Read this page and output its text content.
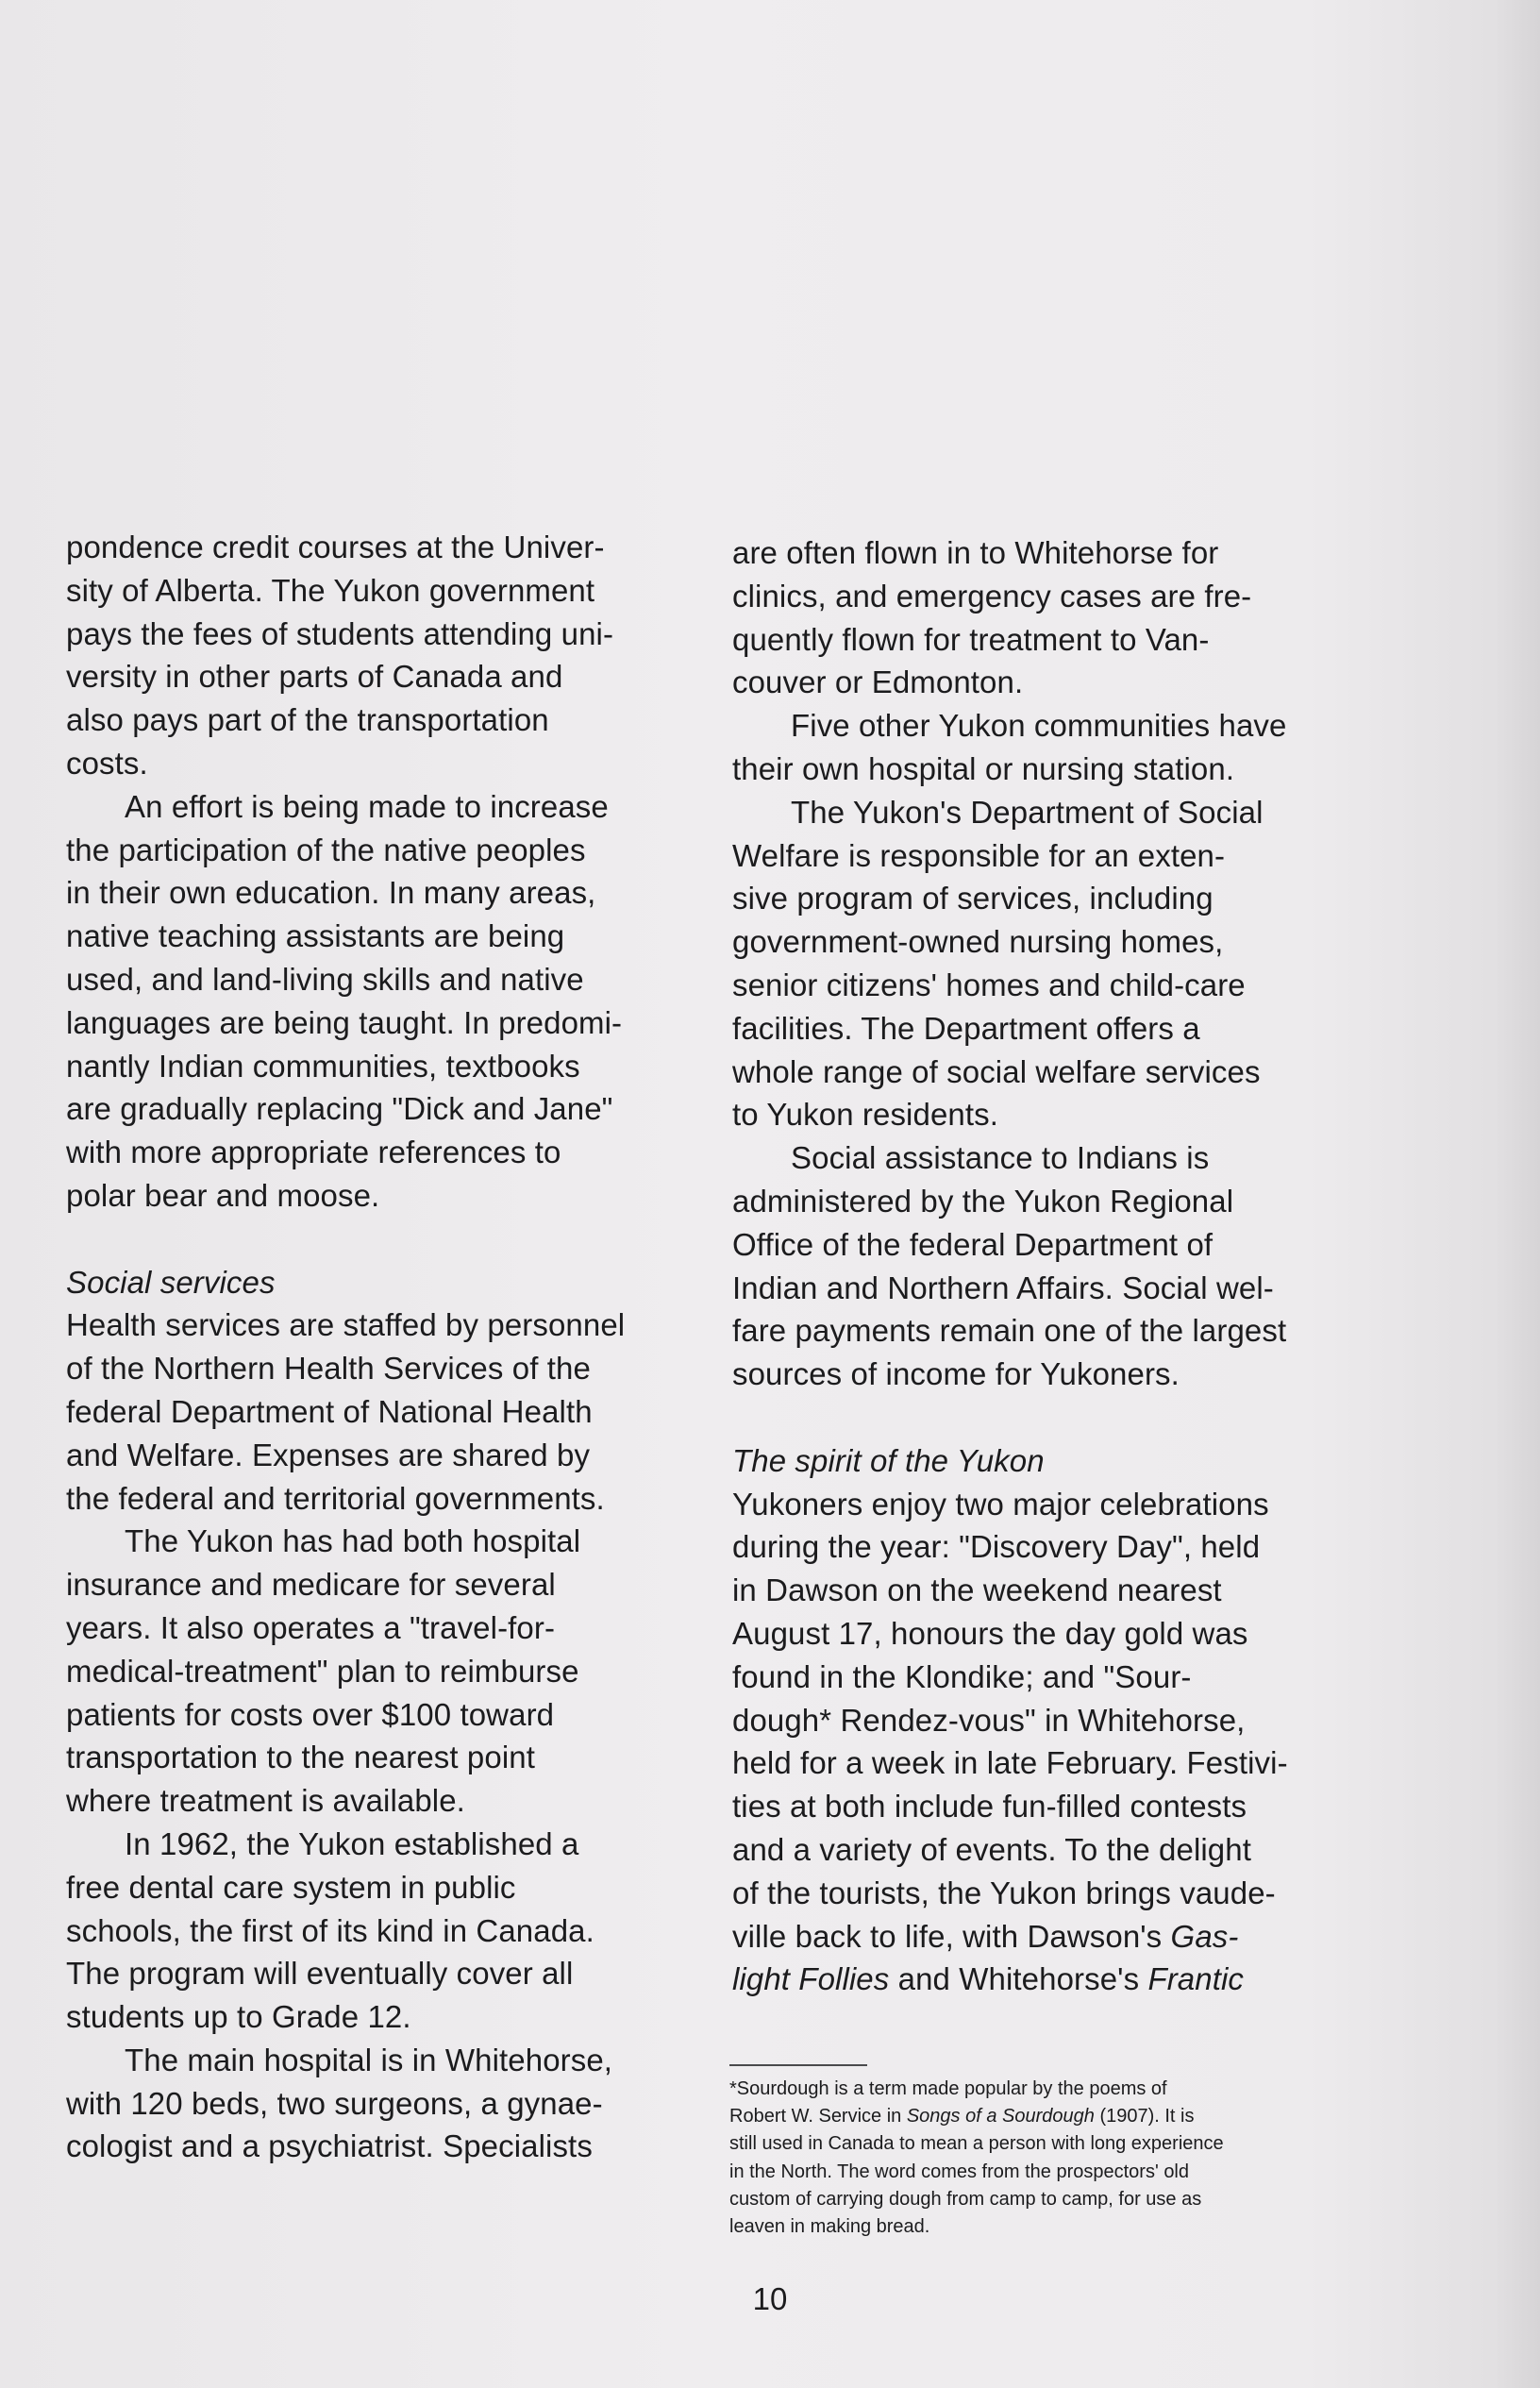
pondence credit courses at the Univer-
sity of Alberta. The Yukon government
pays the fees of students attending uni-
versity in other parts of Canada and
also pays part of the transportation
costs.

An effort is being made to increase
the participation of the native peoples
in their own education. In many areas,
native teaching assistants are being
used, and land-living skills and native
languages are being taught. In predomi-
nantly Indian communities, textbooks
are gradually replacing "Dick and Jane"
with more appropriate references to
polar bear and moose.

Social services

Health services are staffed by personnel
of the Northern Health Services of the
federal Department of National Health
and Welfare. Expenses are shared by
the federal and territorial governments.

The Yukon has had both hospital
insurance and medicare for several
years. It also operates a "travel-for-
medical-treatment" plan to reimburse
patients for costs over $100 toward
transportation to the nearest point
where treatment is available.

In 1962, the Yukon established a
free dental care system in public
schools, the first of its kind in Canada.
The program will eventually cover all
students up to Grade 12.

The main hospital is in Whitehorse,
with 120 beds, two surgeons, a gynae-
cologist and a psychiatrist. Specialists

are often flown in to Whitehorse for
clinics, and emergency cases are fre-
quently flown for treatment to Van-
couver or Edmonton.

Five other Yukon communities have
their own hospital or nursing station.

The Yukon's Department of Social
Welfare is responsible for an exten-
sive program of services, including
government-owned nursing homes,
senior citizens' homes and child-care
facilities. The Department offers a
whole range of social welfare services
to Yukon residents.

Social assistance to Indians is
administered by the Yukon Regional
Office of the federal Department of
Indian and Northern Affairs. Social wel-
fare payments remain one of the largest
sources of income for Yukoners.

The spirit of the Yukon

Yukoners enjoy two major celebrations
during the year: "Discovery Day", held
in Dawson on the weekend nearest
August 17, honours the day gold was
found in the Klondike; and "Sour-
dough* Rendez-vous" in Whitehorse,
held for a week in late February. Festivi-
ties at both include fun-filled contests
and a variety of events. To the delight
of the tourists, the Yukon brings vaude-
ville back to life, with Dawson's Gas-
light Follies and Whitehorse's Frantic

*Sourdough is a term made popular by the poems of
Robert W. Service in Songs of a Sourdough (1907). It is
still used in Canada to mean a person with long experience
in the North. The word comes from the prospectors' old
custom of carrying dough from camp to camp, for use as
leaven in making bread.
10
